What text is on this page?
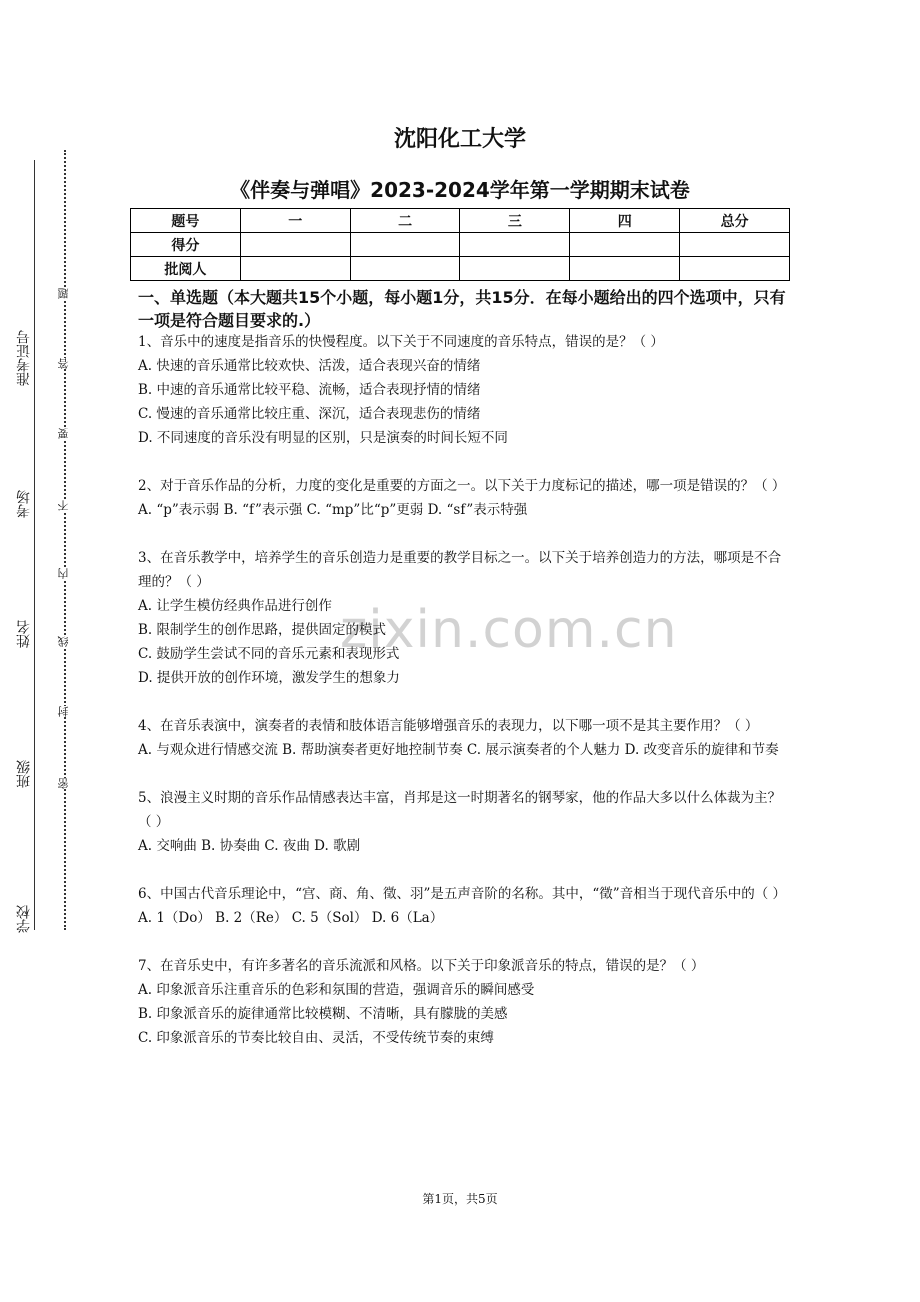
准考证号
考场
姓名
班级
学校
题
答
要
不
内
线
封
密
沈阳化工大学
《伴奏与弹唱》2023-2024学年第一学期期末试卷
题号	一	二	三	四	总分
得分					
批阅人					
一、单选题（本大题共15个小题，每小题1分，共15分．在每小题给出的四个选项中，只有一项是符合题目要求的.）
zixin.com.cn

1、音乐中的速度是指音乐的快慢程度。以下关于不同速度的音乐特点，错误的是？（ ）

A. 快速的音乐通常比较欢快、活泼，适合表现兴奋的情绪

B. 中速的音乐通常比较平稳、流畅，适合表现抒情的情绪

C. 慢速的音乐通常比较庄重、深沉，适合表现悲伤的情绪

D. 不同速度的音乐没有明显的区别，只是演奏的时间长短不同

2、对于音乐作品的分析，力度的变化是重要的方面之一。以下关于力度标记的描述，哪一项是错误的？（ ）

A. “p”表示弱 B. “f”表示强 C. “mp”比“p”更弱 D. “sf”表示特强

3、在音乐教学中，培养学生的音乐创造力是重要的教学目标之一。以下关于培养创造力的方法，哪项是不合理的？（ ）

A. 让学生模仿经典作品进行创作

B. 限制学生的创作思路，提供固定的模式

C. 鼓励学生尝试不同的音乐元素和表现形式

D. 提供开放的创作环境，激发学生的想象力

4、在音乐表演中，演奏者的表情和肢体语言能够增强音乐的表现力，以下哪一项不是其主要作用？（ ）

A. 与观众进行情感交流 B. 帮助演奏者更好地控制节奏 C. 展示演奏者的个人魅力 D. 改变音乐的旋律和节奏

5、浪漫主义时期的音乐作品情感表达丰富，肖邦是这一时期著名的钢琴家，他的作品大多以什么体裁为主？（ ）

A. 交响曲 B. 协奏曲 C. 夜曲 D. 歌剧

6、中国古代音乐理论中，“宫、商、角、徵、羽”是五声音阶的名称。其中，“徵”音相当于现代音乐中的（ ）

A. 1（Do） B. 2（Re） C. 5（Sol） D. 6（La）

7、在音乐史中，有许多著名的音乐流派和风格。以下关于印象派音乐的特点，错误的是？（ ）

A. 印象派音乐注重音乐的色彩和氛围的营造，强调音乐的瞬间感受

B. 印象派音乐的旋律通常比较模糊、不清晰，具有朦胧的美感

C. 印象派音乐的节奏比较自由、灵活，不受传统节奏的束缚

第1页，共5页
